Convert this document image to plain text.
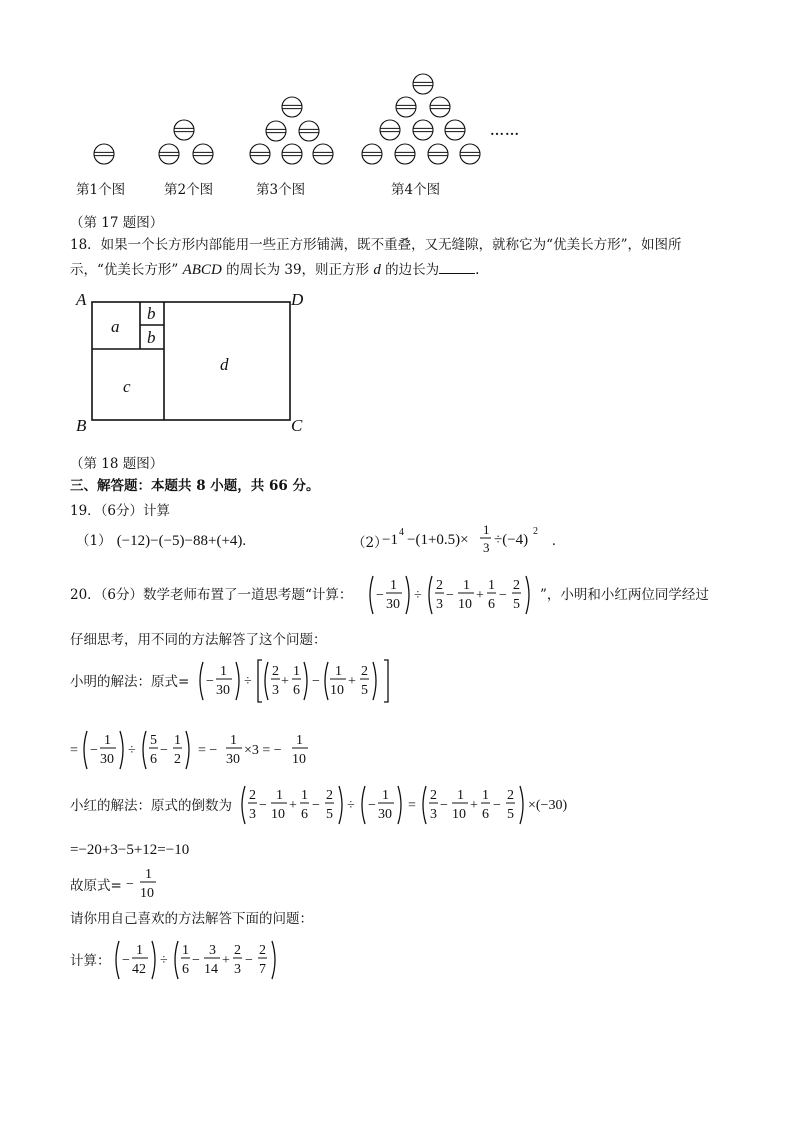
……
第1个图	第2个图	第3个图	第4个图
（第 17 题图）
18．如果一个长方形内部能用一些正方形铺满，既不重叠，又无缝隙，就称它为“优美长方形”，如图所
示，“优美长方形” ABCD 的周长为 39，则正方形 d 的边长为	.
A
B	C
D
a
b
b
c
d
（第 18 题图）
三、解答题：本题共 8 小题，共 66 分。
19．（6分）计算
（1） (−12)−(−5)−88+(+4).	（2）
−1 4 −(1+0.5)×
1
3 ÷(−4)
2
.
20．（6分）数学老师布置了一道思考题“计算： −
1
30
÷
2
3
−
1
10
+
1
6
−
2
5
”，小明和小红两位同学经过
仔细思考，用不同的方法解答了这个问题：
小明的解法：原式= −
1
30
÷
2
3
+
1
6
−
1
10
+
2
5
= −
1
30
÷
5
6
−
1
2
= −
1
30
×3 = −
1
10
小红的解法：原式的倒数为
2
3
−
1
10
+
1
6
−
2
5
÷ −
1
30
=
2
3
−
1
10
+
1
6
−
2
5
×(−30)
=−20+3−5+12=−10
故原式= −
1
10
请你用自己喜欢的方法解答下面的问题：
计算： −
1
42
÷
1
6
−
3
14
+
2
3
−
2
7
